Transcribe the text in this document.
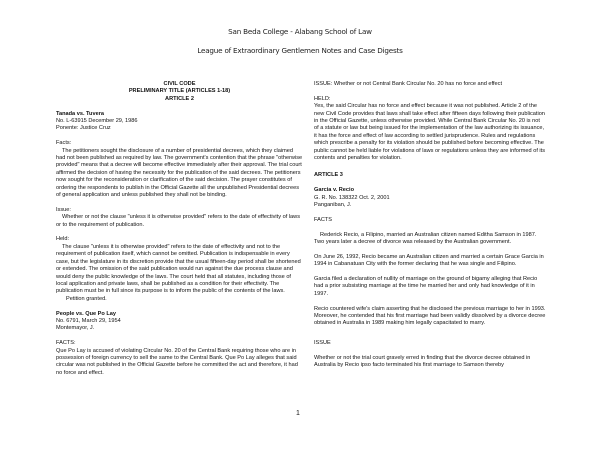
San Beda College - Alabang School of Law
League of Extraordinary Gentlemen Notes and Case Digests
CIVIL CODE
PRELIMINARY TITLE (ARTICLES 1-18)

ARTICLE 2

Tanada vs. Tuvera
No. L-63915 December 29, 1986

Ponente: Justice Cruz

Facts:

The petitioners sought the disclosure of a number of presidential decrees, which they claimed had not been published as required by law. The government's contention that the phrase "otherwise provided" means that a decree will become effective immediately after their approval. The trial court affirmed the decision of having the necessity for the publication of the said decrees. The petitioners now sought for the reconsideration or clarification of the said decision. The prayer constitutes of ordering the respondents to publish in the Official Gazette all the unpublished Presidential decrees of general application and unless published they shall not be binding.

Issue:

Whether or not the clause "unless it is otherwise provided" refers to the date of effectivity of laws or to the requirement of publication.

Held:
The clause "unless it is otherwise provided" refers to the date of effectivity and not to the requirement of publication itself, which cannot be omitted. Publication is indispensable in every case, but the legislature in its discretion provide that the usual fifteen-day period shall be shortened or extended. The omission of the said publication would run against the due process clause and would deny the public knowledge of the laws. The court held that all statutes, including those of local application and private laws, shall be published as a condition for their effectivity. The publication must be in full since its purpose is to inform the public of the contents of the laws.

Petition granted.

People vs. Que Po Lay
No. 6791, March 29, 1954

Montemayor, J.

FACTS:

Que Po Lay is accused of violating Circular No. 20 of the Central Bank requiring those who are in possession of foreign currency to sell the same to the Central Bank. Que Po Lay alleges that said circular was not published in the Official Gazette before he committed the act and therefore, it had no force and effect.

ISSUE: Whether or not Central Bank Circular No. 20 has no force and effect

HELD:

Yes, the said Circular has no force and effect because it was not published. Article 2 of the new Civil Code provides that laws shall take effect after fifteen days following their publication in the Official Gazette, unless otherwise provided. While Central Bank Circular No. 20 is not of a statute or law but being issued for the implementation of the law authorizing its issuance, it has the force and effect of law according to settled jurisprudence. Rules and regulations which prescribe a penalty for its violation should be published before becoming effective. The public cannot be held liable for violations of laws or regulations unless they are informed of its contents and penalties for violation.

ARTICLE 3

Garcia v. Recio
G. R. No. 138322 Oct. 2, 2001

Panganiban, J.

FACTS

Rederick Recio, a Filipino, married an Australian citizen named Editha Samson in 1987. Two years later a decree of divorce was released by the Australian government.

On June 26, 1992, Recio became an Australian citizen and married a certain Grace Garcia in 1994 in Cabanatuan City with the former declaring that he was single and Filipino.

Garcia filed a declaration of nullity of marriage on the ground of bigamy alleging that Recio had a prior subsisting marriage at the time he married her and only had knowledge of it in 1997.

Recio countered wife's claim asserting that he disclosed the previous marriage to her in 1993. Moreover, he contended that his first marriage had been validly dissolved by a divorce decree obtained in Australia in 1989 making him legally capacitated to marry.

ISSUE

Whether or not the trial court gravely erred in finding that the divorce decree obtained in Australia by Recio ipso facto terminated his first marriage to Samson thereby

1
